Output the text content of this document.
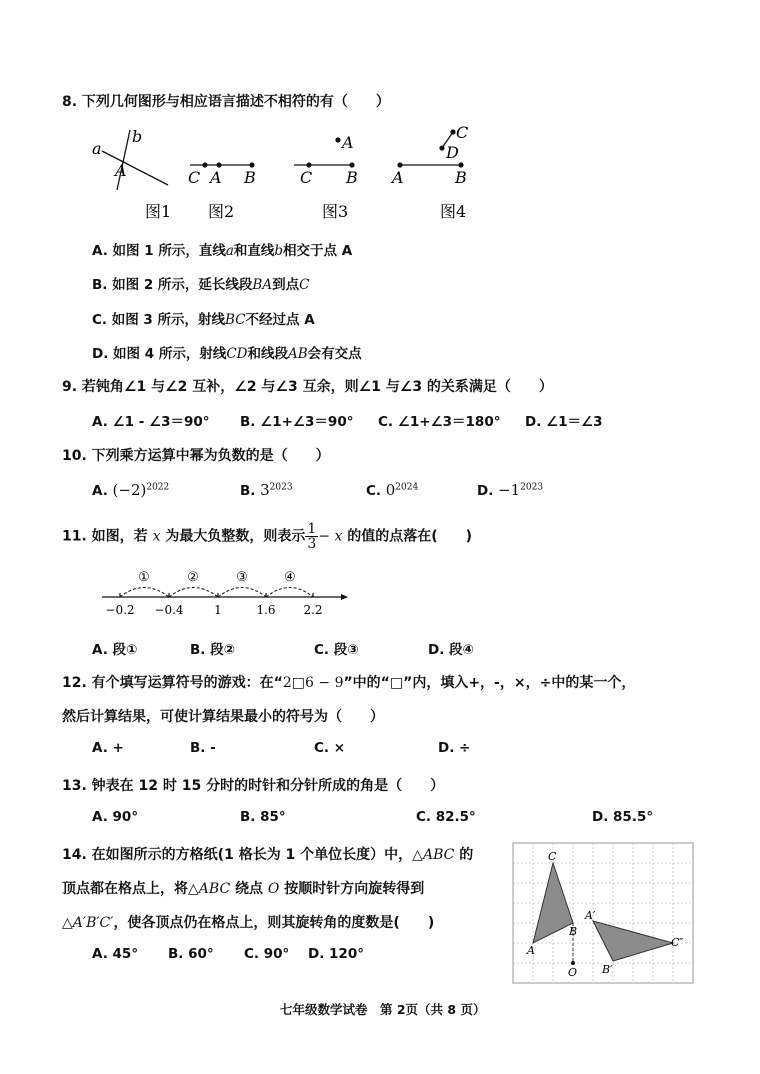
8. 下列几何图形与相应语言描述不相符的有（　　）
a
b
A	C A B
A
C B
C
D
A	B
图1 图2	图3	图4
A. 如图 1 所示，直线a和直线b相交于点 A
B. 如图 2 所示，延长线段BA到点C
C. 如图 3 所示，射线BC不经过点 A
D. 如图 4 所示，射线CD和线段AB会有交点
9. 若钝角∠1 与∠2 互补，∠2 与∠3 互余，则∠1 与∠3 的关系满足（　　）
A. ∠1 - ∠3＝90° B. ∠1+∠3＝90° C. ∠1+∠3＝180° D. ∠1＝∠3
10. 下列乘方运算中幂为负数的是（　　）
A. $(-2)^{2022}$	B. $3^{2023}$	C. $0^{2024}$	D. $-1^{2023}$
11. 如图，若 x 为最大负整数，则表示 $\frac{1}{3} - x$ 的值的点落在(　　)
①	②	③	④
−0.2 −0.4	1	1.6 2.2
A. 段①	B. 段②	C. 段③	D. 段④
12. 有个填写运算符号的游戏：在“2□6 − 9”中的“□”内，填入+，-，×，÷中的某一个，
然后计算结果，可使计算结果最小的符号为（　　）
A. +	B. -	C. ×	D. ÷
13. 钟表在 12 时 15 分时的时针和分针所成的角是（　　）
A. 90°	B. 85°	C. 82.5°	D. 85.5°
14. 在如图所示的方格纸(1 格长为 1 个单位长度）中，△ABC 的
顶点都在格点上，将△ABC 绕点 O 按顺时针方向旋转得到
△A′B′C′，使各顶点仍在格点上，则其旋转角的度数是(　　)
A. 45° B. 60° C. 90° D. 120°
C
A
B
O
A′
B′
C″
七年级数学试卷　第 2页（共 8 页）
